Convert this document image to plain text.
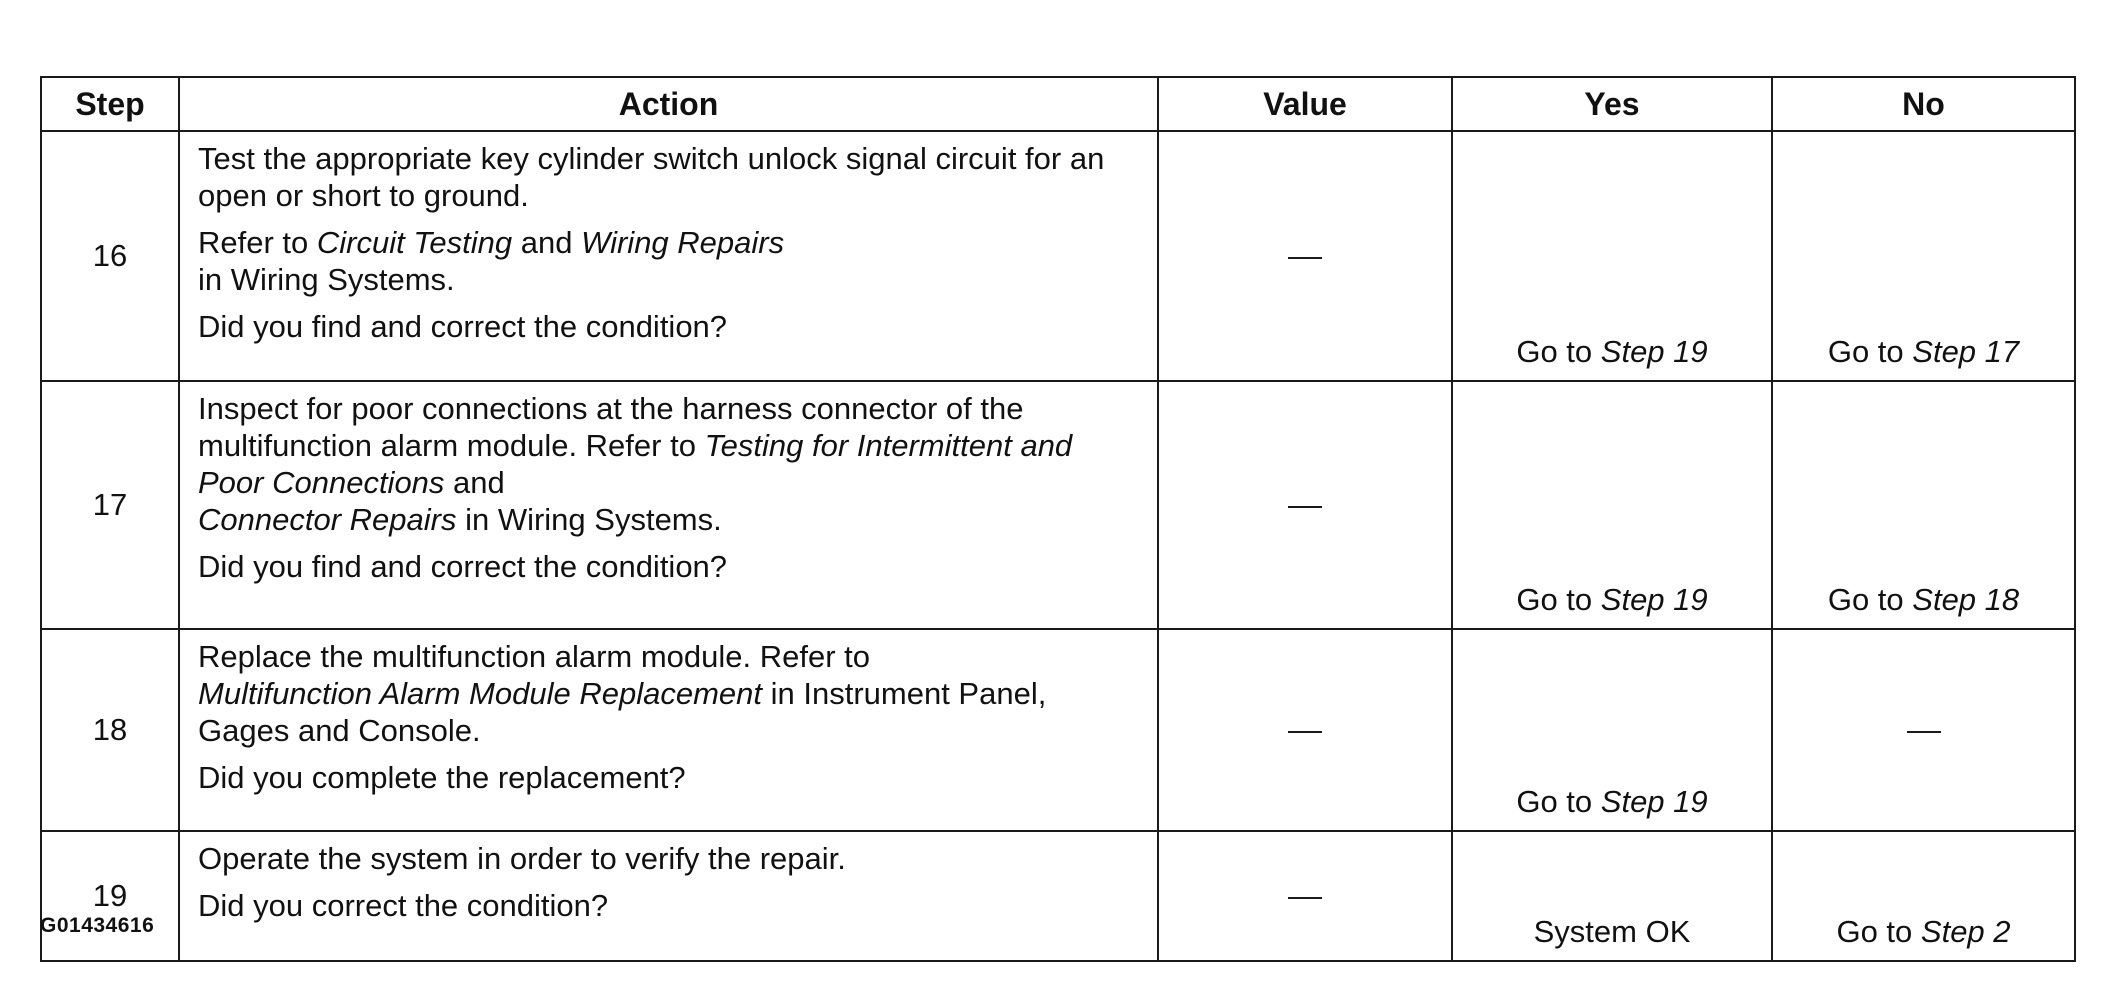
Step	Action	Value	Yes	No
16	Test the appropriate key cylinder switch unlock signal circuit for an open or short to ground.

Refer to Circuit Testing and Wiring Repairs
in Wiring Systems.

Did you find and correct the condition?		Go to Step 19	Go to Step 17
17	Inspect for poor connections at the harness connector of the multifunction alarm module. Refer to Testing for Intermittent and Poor Connections and
Connector Repairs in Wiring Systems.

Did you find and correct the condition?		Go to Step 19	Go to Step 18
18	Replace the multifunction alarm module. Refer to
Multifunction Alarm Module Replacement in Instrument Panel, Gages and Console.

Did you complete the replacement?		Go to Step 19	
19	Operate the system in order to verify the repair.

Did you correct the condition?		System OK	Go to Step 2
G01434616
